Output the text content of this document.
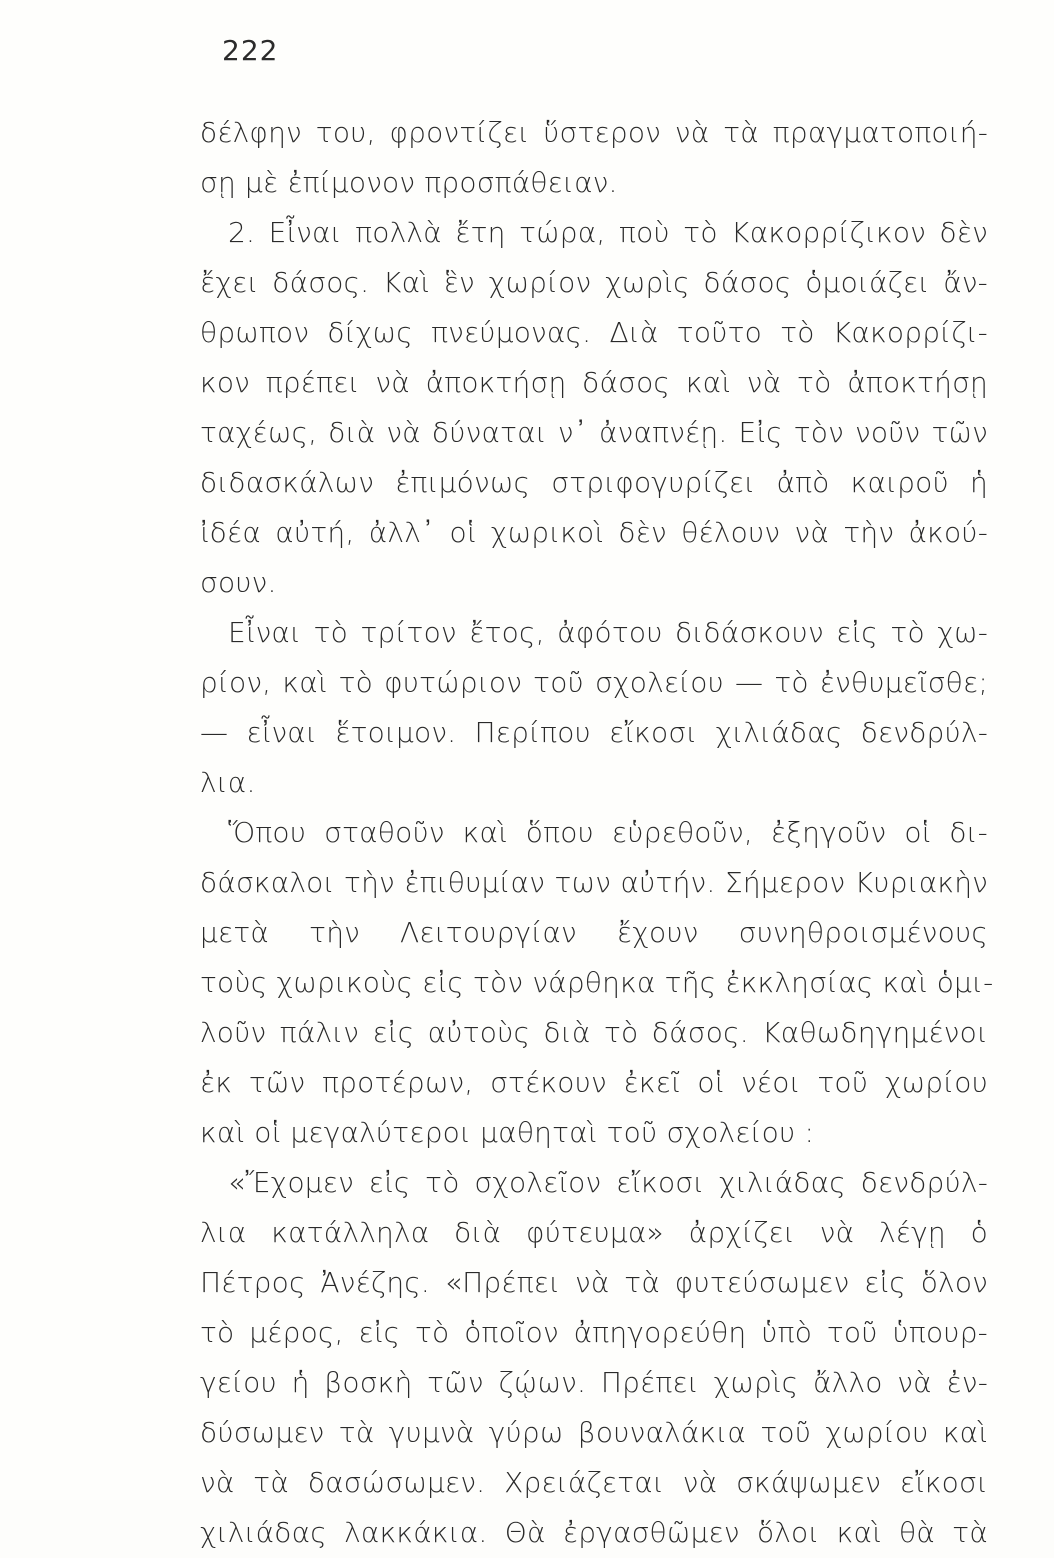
222
δέλφην του, φροντίζει ὕστερον νὰ τὰ πραγματοποιή-
σῃ μὲ ἐπίμονον προσπάθειαν.
2. Εἶναι πολλὰ ἔτη τώρα, ποὺ τὸ Κακορρίζικον δὲν
ἔχει δάσος. Καὶ ἓν χωρίον χωρὶς δάσος ὁμοιάζει ἄν-
θρωπον δίχως πνεύμονας. Διὰ τοῦτο τὸ Κακορρίζι-
κον πρέπει νὰ ἀποκτήσῃ δάσος καὶ νὰ τὸ ἀποκτήσῃ
ταχέως, διὰ νὰ δύναται ν᾽ ἀναπνέῃ. Εἰς τὸν νοῦν τῶν
διδασκάλων ἐπιμόνως στριφογυρίζει ἀπὸ καιροῦ ἡ
ἰδέα αὐτή, ἀλλ᾽ οἱ χωρικοὶ δὲν θέλουν νὰ τὴν ἀκού-
σουν.
Εἶναι τὸ τρίτον ἔτος, ἀφότου διδάσκουν εἰς τὸ χω-
ρίον, καὶ τὸ φυτώριον τοῦ σχολείου — τὸ ἐνθυμεῖσθε;
— εἶναι ἕτοιμον. Περίπου εἴκοσι χιλιάδας δενδρύλ-
λια.
Ὅπου σταθοῦν καὶ ὅπου εὑρεθοῦν, ἐξηγοῦν οἱ δι-
δάσκαλοι τὴν ἐπιθυμίαν των αὐτήν. Σήμερον Κυριακὴν
μετὰ τὴν Λειτουργίαν ἔχουν συνηθροισμένους
τοὺς χωρικοὺς εἰς τὸν νάρθηκα τῆς ἐκκλησίας καὶ ὁμι-
λοῦν πάλιν εἰς αὐτοὺς διὰ τὸ δάσος. Καθωδηγημένοι
ἐκ τῶν προτέρων, στέκουν ἐκεῖ οἱ νέοι τοῦ χωρίου
καὶ οἱ μεγαλύτεροι μαθηταὶ τοῦ σχολείου :
«Ἔχομεν εἰς τὸ σχολεῖον εἴκοσι χιλιάδας δενδρύλ-
λια κατάλληλα διὰ φύτευμα» ἀρχίζει νὰ λέγῃ ὁ
Πέτρος Ἀνέζης. «Πρέπει νὰ τὰ φυτεύσωμεν εἰς ὅλον
τὸ μέρος, εἰς τὸ ὁποῖον ἀπηγορεύθη ὑπὸ τοῦ ὑπουρ-
γείου ἡ βοσκὴ τῶν ζῴων. Πρέπει χωρὶς ἄλλο νὰ ἐν-
δύσωμεν τὰ γυμνὰ γύρω βουναλάκια τοῦ χωρίου καὶ
νὰ τὰ δασώσωμεν. Χρειάζεται νὰ σκάψωμεν εἴκοσι
χιλιάδας λακκάκια. Θὰ ἐργασθῶμεν ὅλοι καὶ θὰ τὰ
